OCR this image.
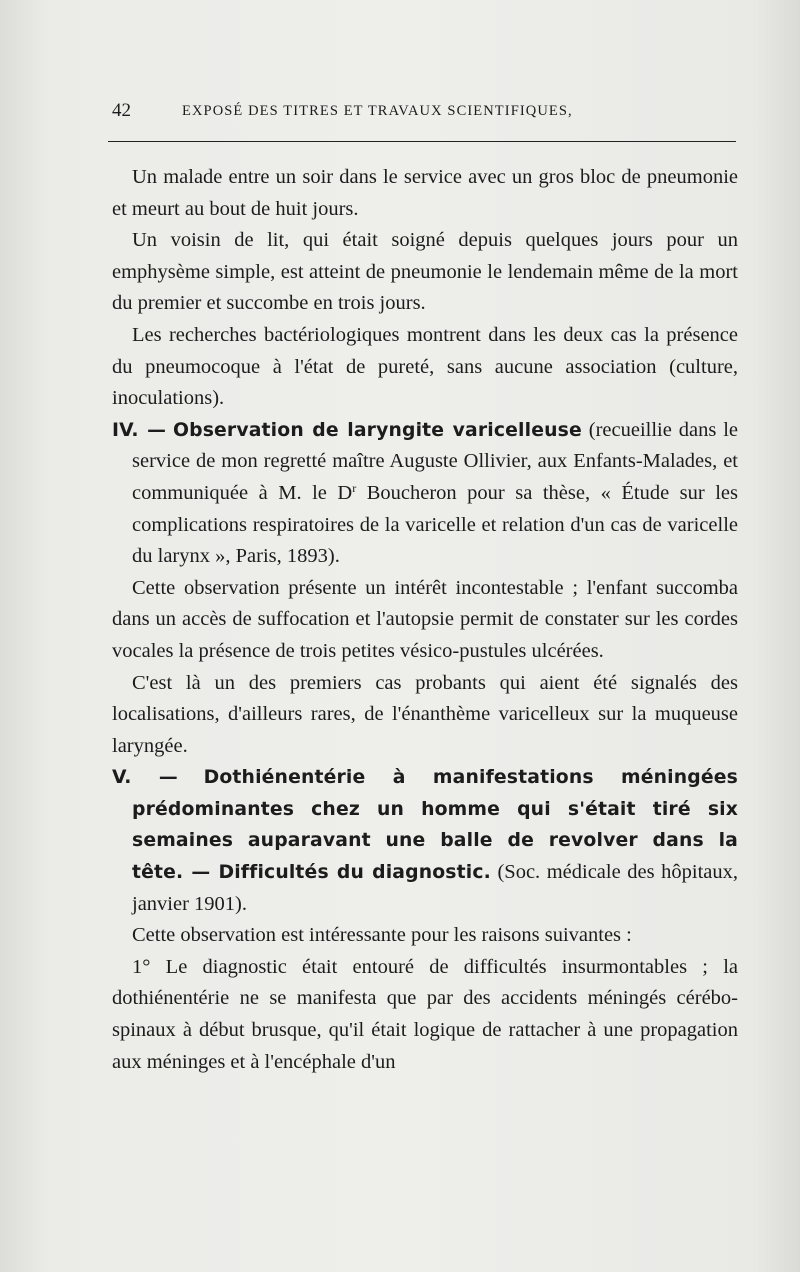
42	EXPOSÉ DES TITRES ET TRAVAUX SCIENTIFIQUES,

Un malade entre un soir dans le service avec un gros bloc de pneumonie et meurt au bout de huit jours.

Un voisin de lit, qui était soigné depuis quelques jours pour un emphysème simple, est atteint de pneumonie le lendemain même de la mort du premier et succombe en trois jours.

Les recherches bactériologiques montrent dans les deux cas la présence du pneumocoque à l'état de pureté, sans aucune association (culture, inoculations).

IV. — Observation de laryngite varicelleuse (recueillie dans le service de mon regretté maître Auguste Ollivier, aux Enfants-Malades, et communiquée à M. le $D^r$ Boucheron pour sa thèse, « Étude sur les complications respiratoires de la varicelle et relation d'un cas de varicelle du larynx », Paris, 1893).

Cette observation présente un intérêt incontestable ; l'enfant succomba dans un accès de suffocation et l'autopsie permit de constater sur les cordes vocales la présence de trois petites vésico-pustules ulcérées.

C'est là un des premiers cas probants qui aient été signalés des localisations, d'ailleurs rares, de l'énanthème varicelleux sur la muqueuse laryngée.

V. — Dothiénentérie à manifestations méningées prédominantes chez un homme qui s'était tiré six semaines auparavant une balle de revolver dans la tête. — Difficultés du diagnostic. (Soc. médicale des hôpitaux, janvier 1901).

Cette observation est intéressante pour les raisons suivantes :

1° Le diagnostic était entouré de difficultés insurmontables ; la dothiénentérie ne se manifesta que par des accidents méningés cérébo-spinaux à début brusque, qu'il était logique de rattacher à une propagation aux méninges et à l'encéphale d'un
